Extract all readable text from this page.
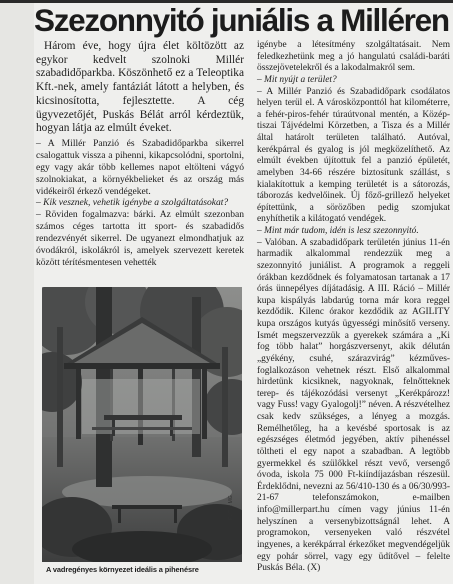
Szezonnyitó juniális a Milléren

Három éve, hogy újra élet költözött az egykor kedvelt szolnoki Millér szabadidőparkba. Köszönhető ez a Teleoptika Kft.-nek, amely fantáziát látott a helyben, és kicsinosította, fejlesztette. A cég ügyvezetőjét, Puskás Bélát arról kérdeztük, hogyan látja az elmúlt éveket.

– A Millér Panzió és Szabadidőparkba sikerrel csalogattuk vissza a pihenni, kikapcsolódni, sportolni, egy vagy akár több kellemes napot eltölteni vágyó szolnokiakat, a környékbelieket és az ország más vidékeiről érkező vendégeket.

– Kik vesznek, vehetik igénybe a szolgáltatásokat?

– Röviden fogalmazva: bárki. Az elmúlt szezonban számos céges tartotta itt sport- és szabadidős rendezvényét sikerrel. De ugyanezt elmondhatjuk az óvodákról, iskolákról is, amelyek szervezett keretek között térítésmentesen vehették

FOTÓ: MG
A vadregényes környezet ideális a pihenésre

igénybe a létesítmény szolgáltatásait. Nem feledkezhetünk meg a jó hangulatú családi-baráti összejövetelekről és a lakodalmakról sem.

– Mit nyújt a terület?

– A Millér Panzió és Szabadidőpark csodálatos helyen terül el. A városközponttól hat kilométerre, a fehér-piros-fehér túraútvonal mentén, a Közép-tiszai Tájvédelmi Körzetben, a Tisza és a Millér által határolt területen található. Autóval, kerékpárral és gyalog is jól megközelíthető. Az elmúlt években újítottuk fel a panzió épületét, amelyben 34-66 részére biztosítunk szállást, s kialakítottuk a kemping területét is a sátorozás, táborozás kedvelőinek. Új főző-grillező helyeket építettünk, a sörözőben pedig szomjukat enyhíthetik a kilátogató vendégek.

– Mint már tudom, idén is lesz szezonnyitó.

– Valóban. A szabadidőpark területén június 11-én harmadik alkalommal rendezzük meg a szezonnyitó juniálist. A programok a reggeli órákban kezdődnek és folyamatosan tartanak a 17 órás ünnepélyes díjátadásig. A III. Ráció – Millér kupa kispályás labdarúg torna már kora reggel kezdődik. Kilenc órakor kezdődik az AGILITY kupa országos kutyás ügyességi minősítő verseny. Ismét megszervezzük a gyerekek számára a „Ki fog több halat” horgászversenyt, akik délután „gyékény, csuhé, szárazvirág” kézműves-foglalkozáson vehetnek részt. Első alkalommal hirdetünk kicsiknek, nagyoknak, felnőtteknek terep- és tájékozódási versenyt „Kerékpározz! vagy Fuss! vagy Gyalogolj!” néven. A részvételhez csak kedv szükséges, a lényeg a mozgás. Remélhetőleg, ha a kevésbé sportosak is az egészséges életmód jegyében, aktív pihenéssel töltheti el egy napot a szabadban. A legtöbb gyermekkel és szülőkkel részt vevő, versengő óvoda, iskola 75 000 Ft-kiíndíjazásban részesül. Érdeklődni, nevezni az 56/410-130 és a 06/30/993-21-67 telefonszámokon, e-mailben info@millerpart.hu címen vagy június 11-én helyszínen a versenybizottságnál lehet. A programokon, versenyeken való részvétel ingyenes, a kerékpárral érkezőket megvendégeljük egy pohár sörrel, vagy egy üdítővel – felelte Puskás Béla. (X)
